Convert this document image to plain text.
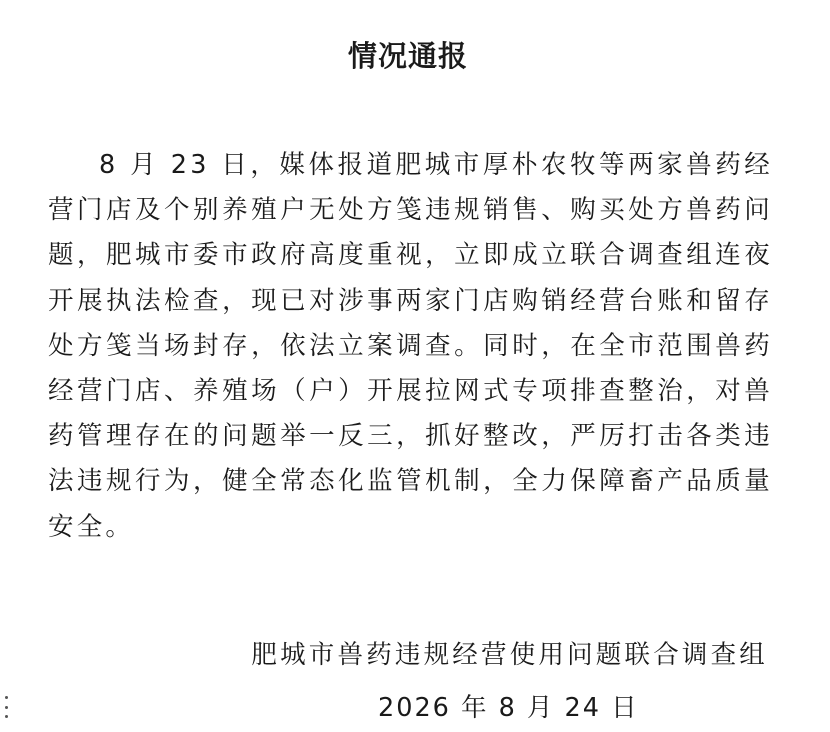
情况通报

8 月 23 日，媒体报道肥城市厚朴农牧等两家兽药经营门店及个别养殖户无处方笺违规销售、购买处方兽药问题，肥城市委市政府高度重视，立即成立联合调查组连夜开展执法检查，现已对涉事两家门店购销经营台账和留存处方笺当场封存，依法立案调查。同时，在全市范围兽药经营门店、养殖场（户）开展拉网式专项排查整治，对兽药管理存在的问题举一反三，抓好整改，严厉打击各类违法违规行为，健全常态化监管机制，全力保障畜产品质量安全。

肥城市兽药违规经营使用问题联合调查组
2026 年 8 月 24 日
